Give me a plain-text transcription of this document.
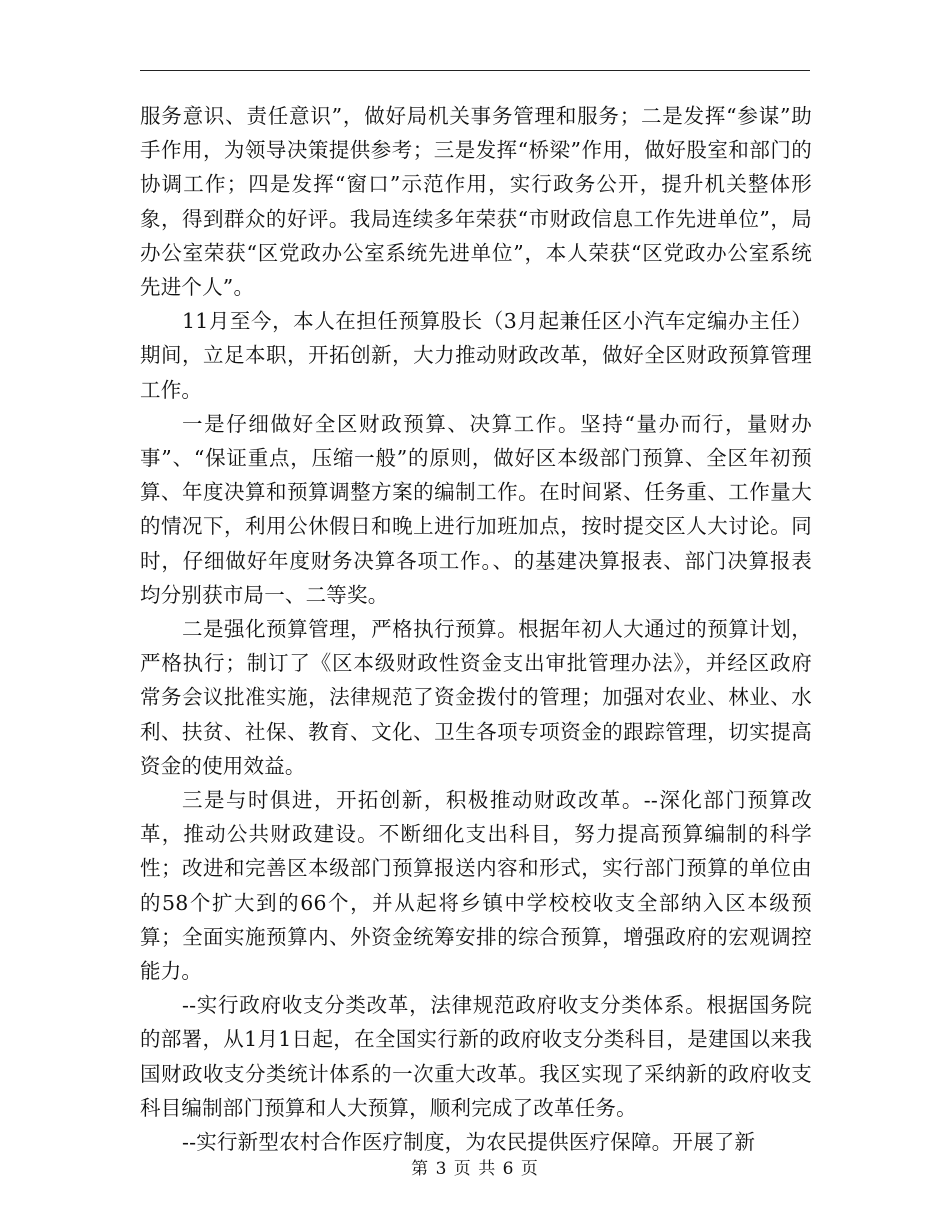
服务意识、责任意识”，做好局机关事务管理和服务；二是发挥“参谋”助手作用，为领导决策提供参考；三是发挥“桥梁”作用，做好股室和部门的协调工作；四是发挥“窗口”示范作用，实行政务公开，提升机关整体形象，得到群众的好评。我局连续多年荣获“市财政信息工作先进单位”，局办公室荣获“区党政办公室系统先进单位”，本人荣获“区党政办公室系统先进个人”。

11月至今，本人在担任预算股长（3月起兼任区小汽车定编办主任）期间，立足本职，开拓创新，大力推动财政改革，做好全区财政预算管理工作。

一是仔细做好全区财政预算、决算工作。坚持“量办而行，量财办事”、“保证重点，压缩一般”的原则，做好区本级部门预算、全区年初预算、年度决算和预算调整方案的编制工作。在时间紧、任务重、工作量大的情况下，利用公休假日和晚上进行加班加点，按时提交区人大讨论。同时，仔细做好年度财务决算各项工作。、的基建决算报表、部门决算报表均分别获市局一、二等奖。

二是强化预算管理，严格执行预算。根据年初人大通过的预算计划，严格执行；制订了《区本级财政性资金支出审批管理办法》，并经区政府常务会议批准实施，法律规范了资金拨付的管理；加强对农业、林业、水利、扶贫、社保、教育、文化、卫生各项专项资金的跟踪管理，切实提高资金的使用效益。

三是与时俱进，开拓创新，积极推动财政改革。--深化部门预算改革，推动公共财政建设。不断细化支出科目，努力提高预算编制的科学性；改进和完善区本级部门预算报送内容和形式，实行部门预算的单位由的58个扩大到的66个，并从起将乡镇中学校校收支全部纳入区本级预算；全面实施预算内、外资金统筹安排的综合预算，增强政府的宏观调控能力。

--实行政府收支分类改革，法律规范政府收支分类体系。根据国务院的部署，从1月1日起，在全国实行新的政府收支分类科目，是建国以来我国财政收支分类统计体系的一次重大改革。我区实现了采纳新的政府收支科目编制部门预算和人大预算，顺利完成了改革任务。

--实行新型农村合作医疗制度，为农民提供医疗保障。开展了新

第 3 页 共 6 页
